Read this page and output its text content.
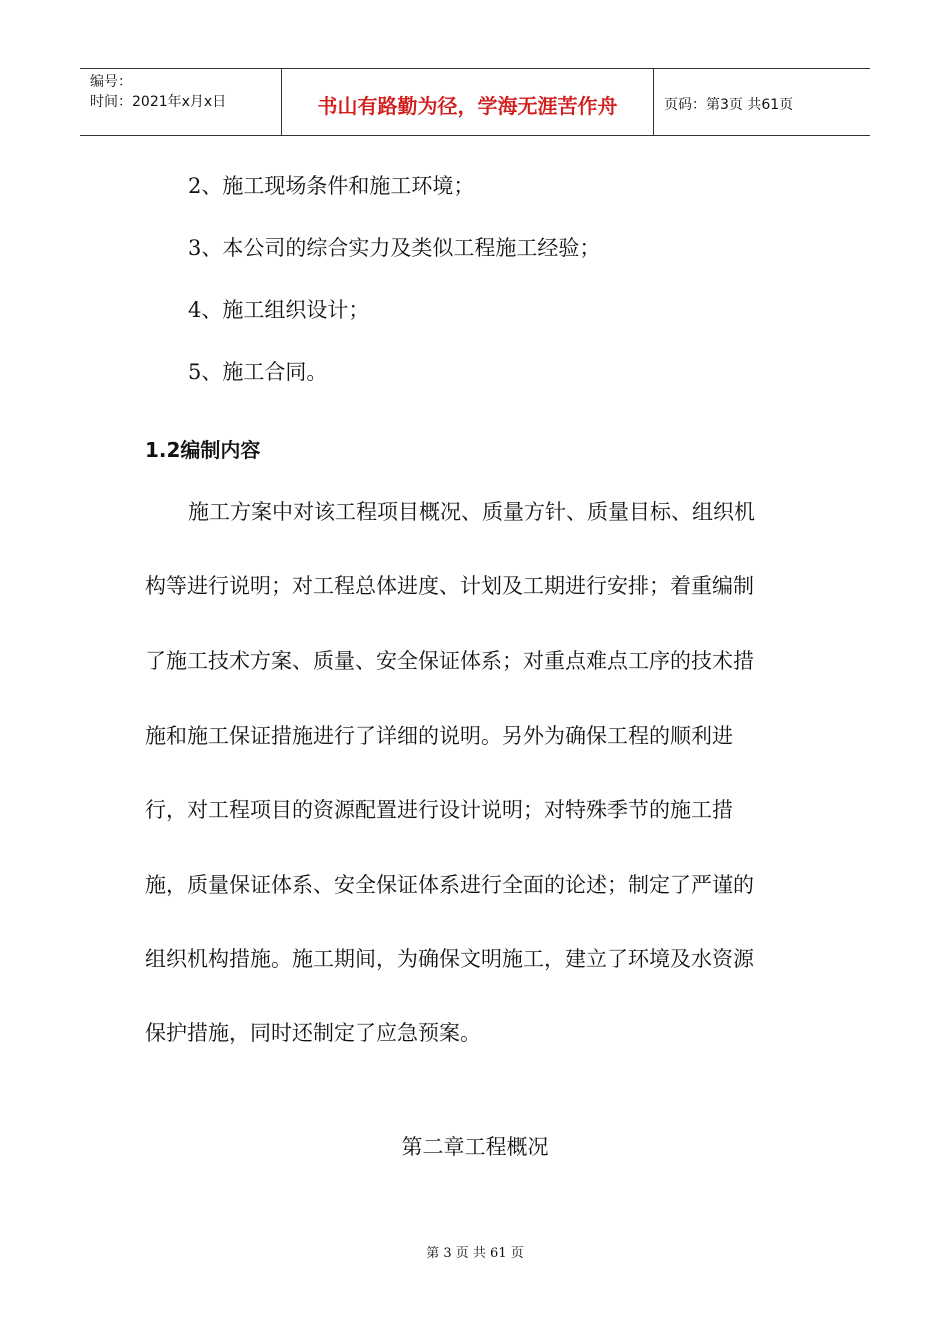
编号：
时间：2021年x月x日	书山有路勤为径，学海无涯苦作舟	页码：第3页 共61页
2、施工现场条件和施工环境；
3、本公司的综合实力及类似工程施工经验；
4、施工组织设计；
5、施工合同。
1.2编制内容
施工方案中对该工程项目概况、质量方针、质量目标、组织机
构等进行说明；对工程总体进度、计划及工期进行安排；着重编制
了施工技术方案、质量、安全保证体系；对重点难点工序的技术措
施和施工保证措施进行了详细的说明。另外为确保工程的顺利进
行，对工程项目的资源配置进行设计说明；对特殊季节的施工措
施，质量保证体系、安全保证体系进行全面的论述；制定了严谨的
组织机构措施。施工期间，为确保文明施工，建立了环境及水资源
保护措施，同时还制定了应急预案。
第二章工程概况
第 3 页 共 61 页
